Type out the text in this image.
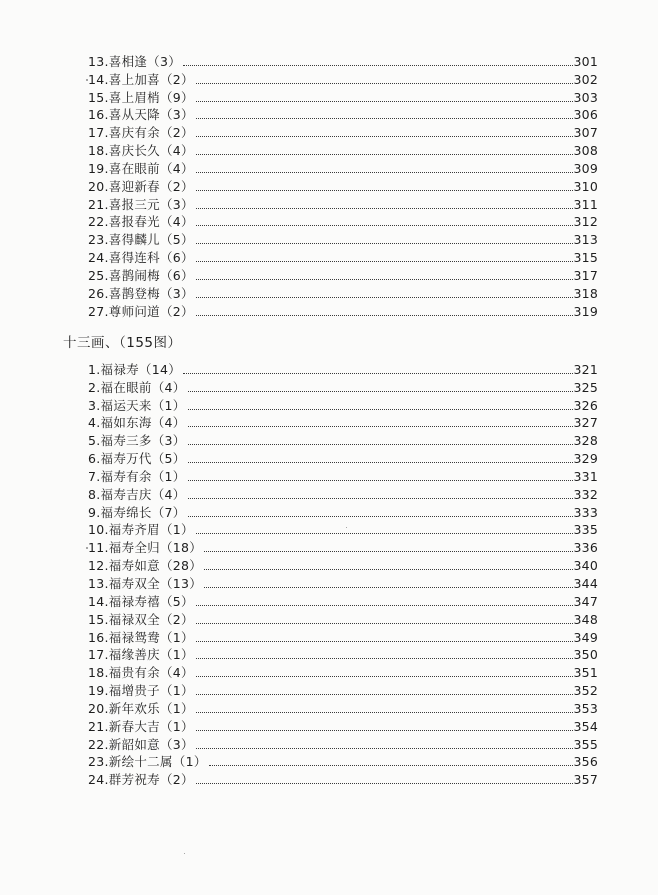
13.喜相逢（3）	301
14.喜上加喜（2）	302
15.喜上眉梢（9）	303
16.喜从天降（3）	306
17.喜庆有余（2）	307
18.喜庆长久（4）	308
19.喜在眼前（4）	309
20.喜迎新春（2）	310
21.喜报三元（3）	311
22.喜报春光（4）	312
23.喜得麟儿（5）	313
24.喜得连科（6）	315
25.喜鹊闹梅（6）	317
26.喜鹊登梅（3）	318
27.尊师问道（2）	319
十三画、（155图）
1.福禄寿（14）	321
2.福在眼前（4）	325
3.福运天来（1）	326
4.福如东海（4）	327
5.福寿三多（3）	328
6.福寿万代（5）	329
7.福寿有余（1）	331
8.福寿吉庆（4）	332
9.福寿绵长（7）	333
10.福寿齐眉（1）	335
11.福寿全归（18）	336
12.福寿如意（28）	340
13.福寿双全（13）	344
14.福禄寿禧（5）	347
15.福禄双全（2）	348
16.福禄鸳鸯（1）	349
17.福缘善庆（1）	350
18.福贵有余（4）	351
19.福增贵子（1）	352
20.新年欢乐（1）	353
21.新春大吉（1）	354
22.新韶如意（3）	355
23.新绘十二属（1）	356
24.群芳祝寿（2）	357
